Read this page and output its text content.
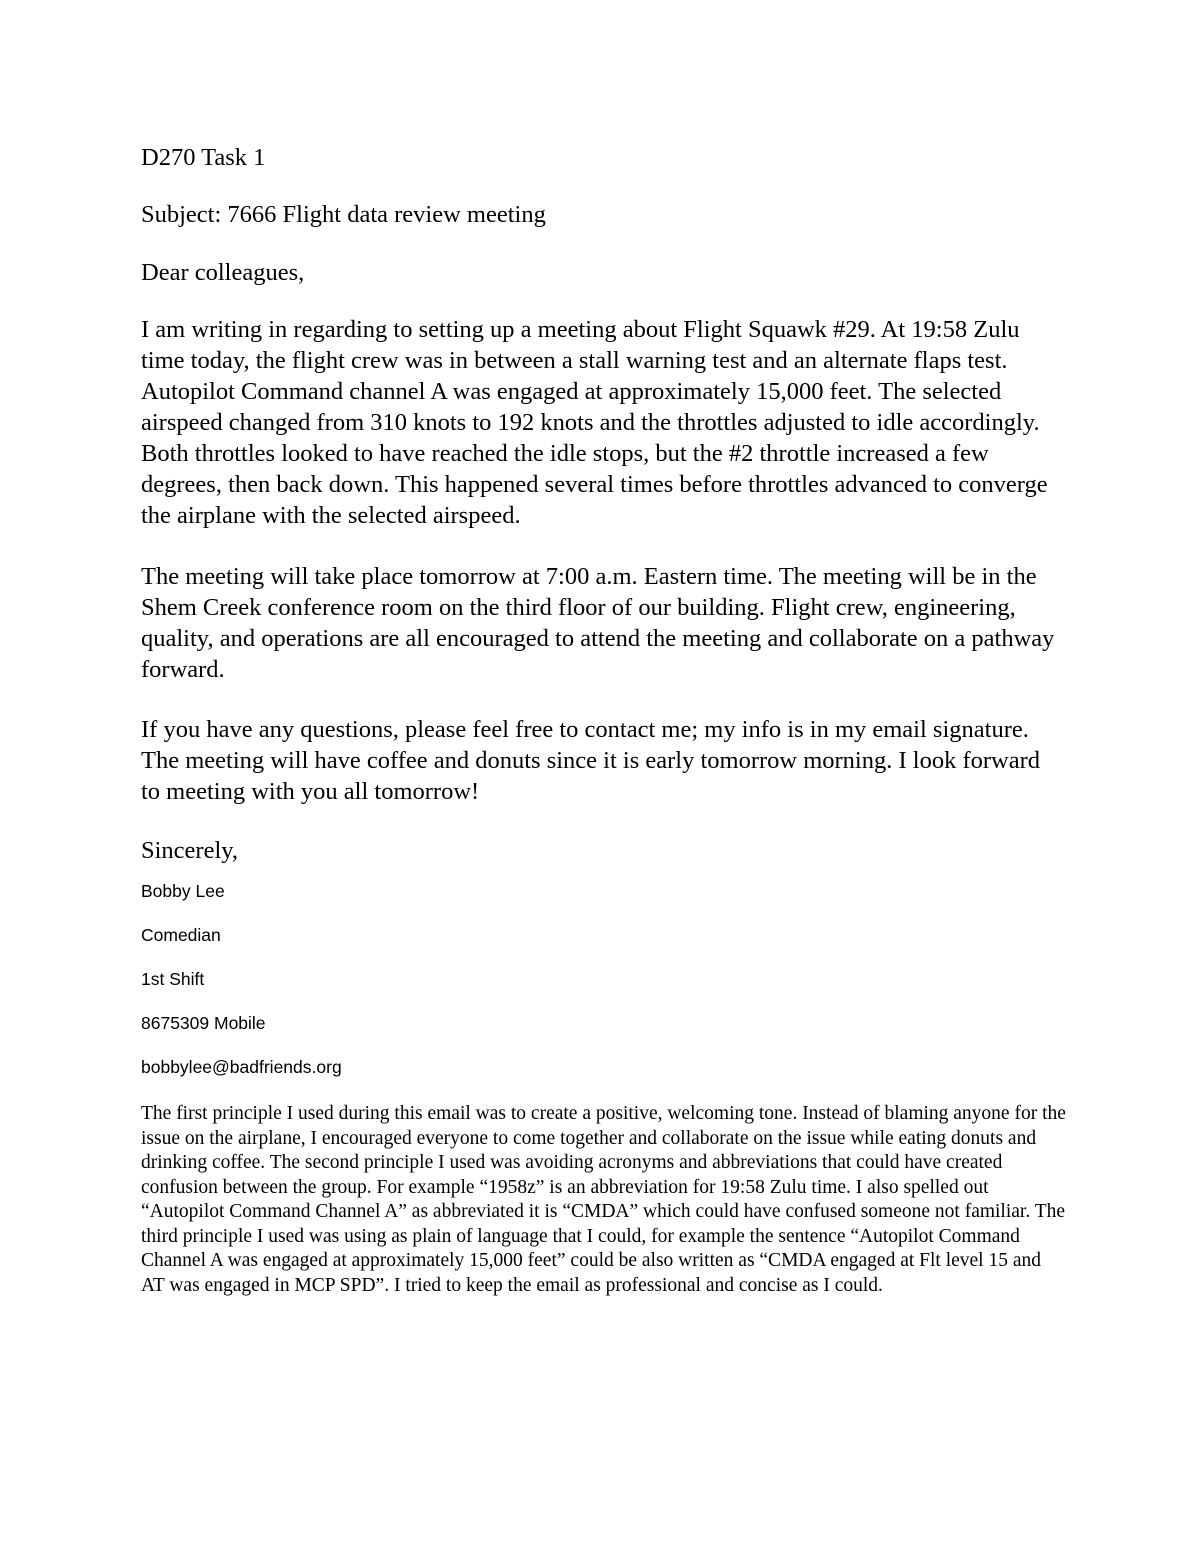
D270 Task 1

Subject: 7666 Flight data review meeting

Dear colleagues,

I am writing in regarding to setting up a meeting about Flight Squawk #29. At 19:58 Zulu time today, the flight crew was in between a stall warning test and an alternate flaps test. Autopilot Command channel A was engaged at approximately 15,000 feet. The selected airspeed changed from 310 knots to 192 knots and the throttles adjusted to idle accordingly. Both throttles looked to have reached the idle stops, but the #2 throttle increased a few degrees, then back down. This happened several times before throttles advanced to converge the airplane with the selected airspeed.

The meeting will take place tomorrow at 7:00 a.m. Eastern time. The meeting will be in the Shem Creek conference room on the third floor of our building. Flight crew, engineering, quality, and operations are all encouraged to attend the meeting and collaborate on a pathway forward.

If you have any questions, please feel free to contact me; my info is in my email signature. The meeting will have coffee and donuts since it is early tomorrow morning. I look forward to meeting with you all tomorrow!

Sincerely,

Bobby Lee

Comedian

1st Shift

8675309 Mobile

bobbylee@badfriends.org

The first principle I used during this email was to create a positive, welcoming tone. Instead of blaming anyone for the issue on the airplane, I encouraged everyone to come together and collaborate on the issue while eating donuts and drinking coffee. The second principle I used was avoiding acronyms and abbreviations that could have created confusion between the group. For example “1958z” is an abbreviation for 19:58 Zulu time. I also spelled out “Autopilot Command Channel A” as abbreviated it is “CMDA” which could have confused someone not familiar. The third principle I used was using as plain of language that I could, for example the sentence “Autopilot Command Channel A was engaged at approximately 15,000 feet” could be also written as “CMDA engaged at Flt level 15 and AT was engaged in MCP SPD”. I tried to keep the email as professional and concise as I could.
